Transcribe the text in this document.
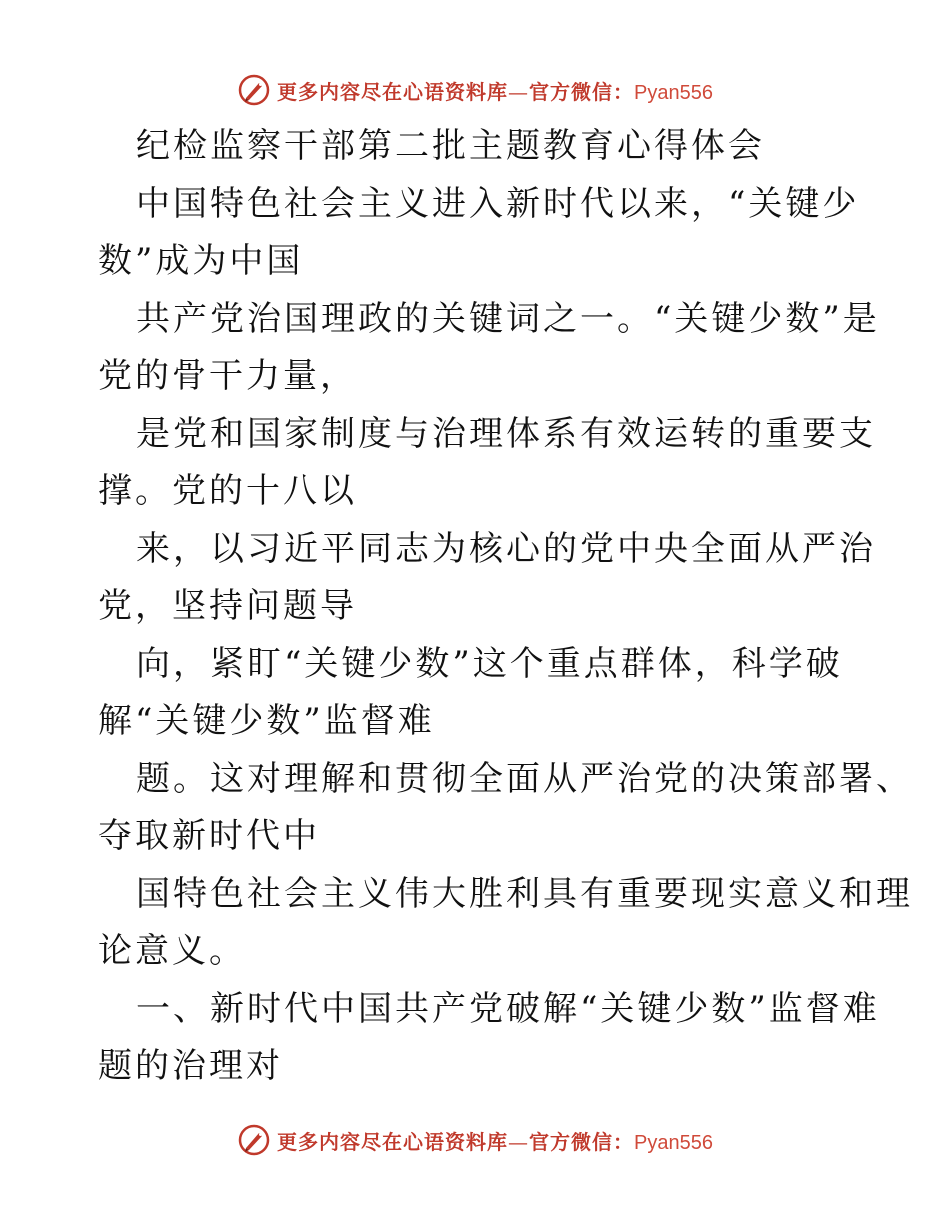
更多内容尽在心语资料库—官方微信：Pyan556
纪检监察干部第二批主题教育心得体会
中国特色社会主义进入新时代以来，“关键少
数”成为中国
共产党治国理政的关键词之一。“关键少数”是
党的骨干力量，
是党和国家制度与治理体系有效运转的重要支
撑。党的十八以
来，以习近平同志为核心的党中央全面从严治
党，坚持问题导
向，紧盯“关键少数”这个重点群体，科学破
解“关键少数”监督难
题。这对理解和贯彻全面从严治党的决策部署、
夺取新时代中
国特色社会主义伟大胜利具有重要现实意义和理
论意义。
一、新时代中国共产党破解“关键少数”监督难
题的治理对
更多内容尽在心语资料库—官方微信：Pyan556
